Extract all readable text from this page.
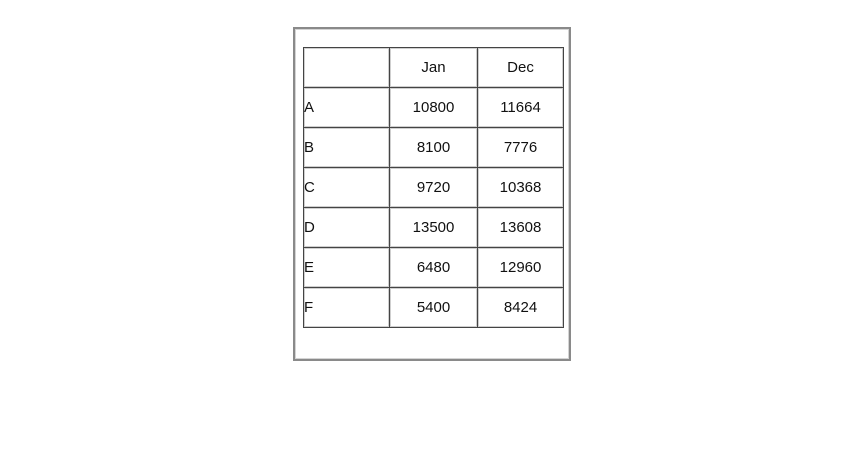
	Jan	Dec
A	10800	11664
B	8100	7776
C	9720	10368
D	13500	13608
E	6480	12960
F	5400	8424
